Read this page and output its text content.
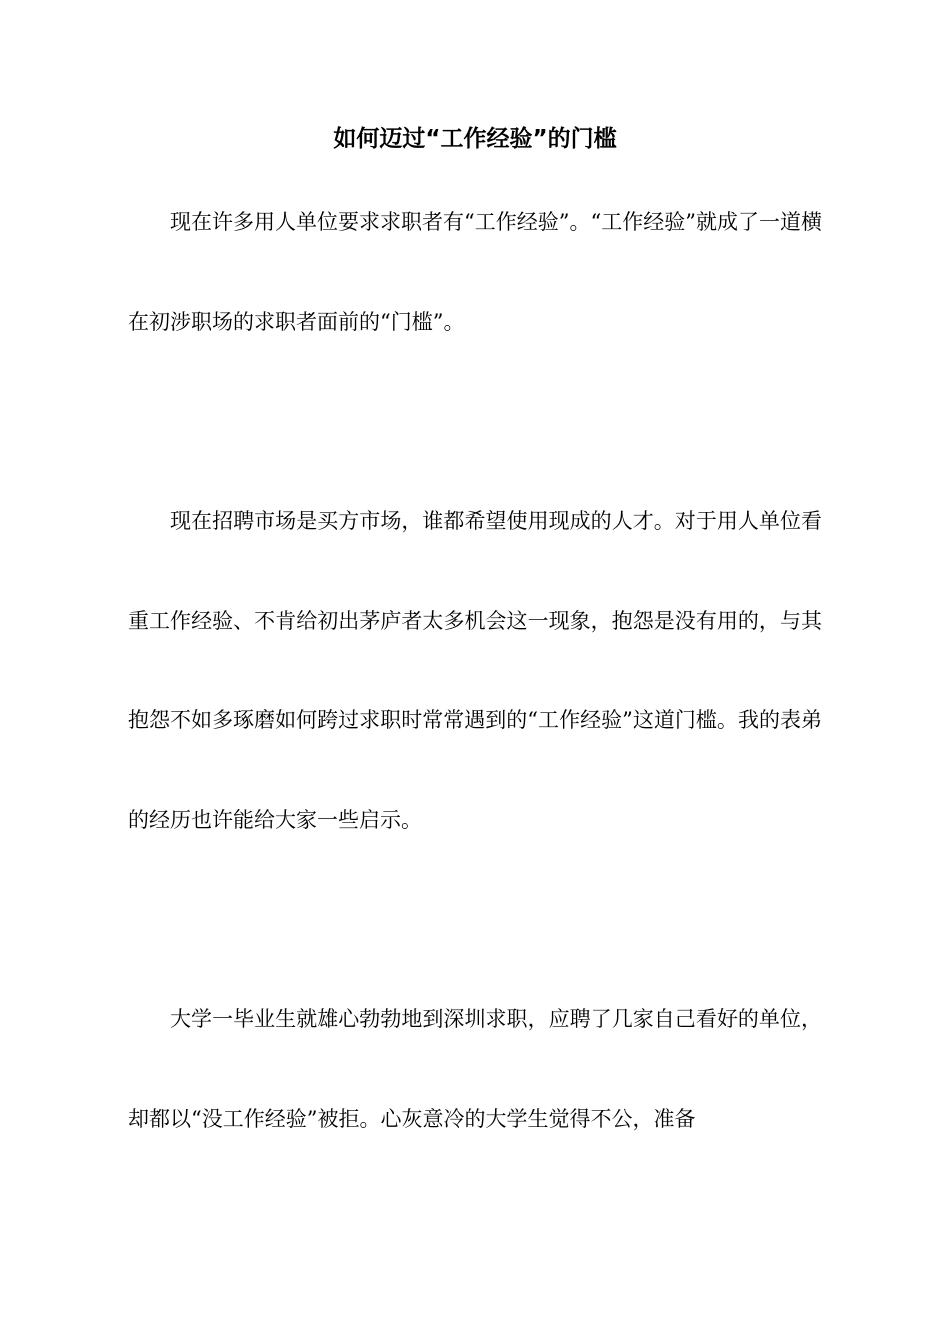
如何迈过“工作经验”的门槛

现在许多用人单位要求求职者有“工作经验”。“工作经验”就成了一道横在初涉职场的求职者面前的“门槛”。

现在招聘市场是买方市场，谁都希望使用现成的人才。对于用人单位看重工作经验、不肯给初出茅庐者太多机会这一现象，抱怨是没有用的，与其抱怨不如多琢磨如何跨过求职时常常遇到的“工作经验”这道门槛。我的表弟的经历也许能给大家一些启示。

大学一毕业生就雄心勃勃地到深圳求职，应聘了几家自己看好的单位，却都以“没工作经验”被拒。心灰意冷的大学生觉得不公，准备
